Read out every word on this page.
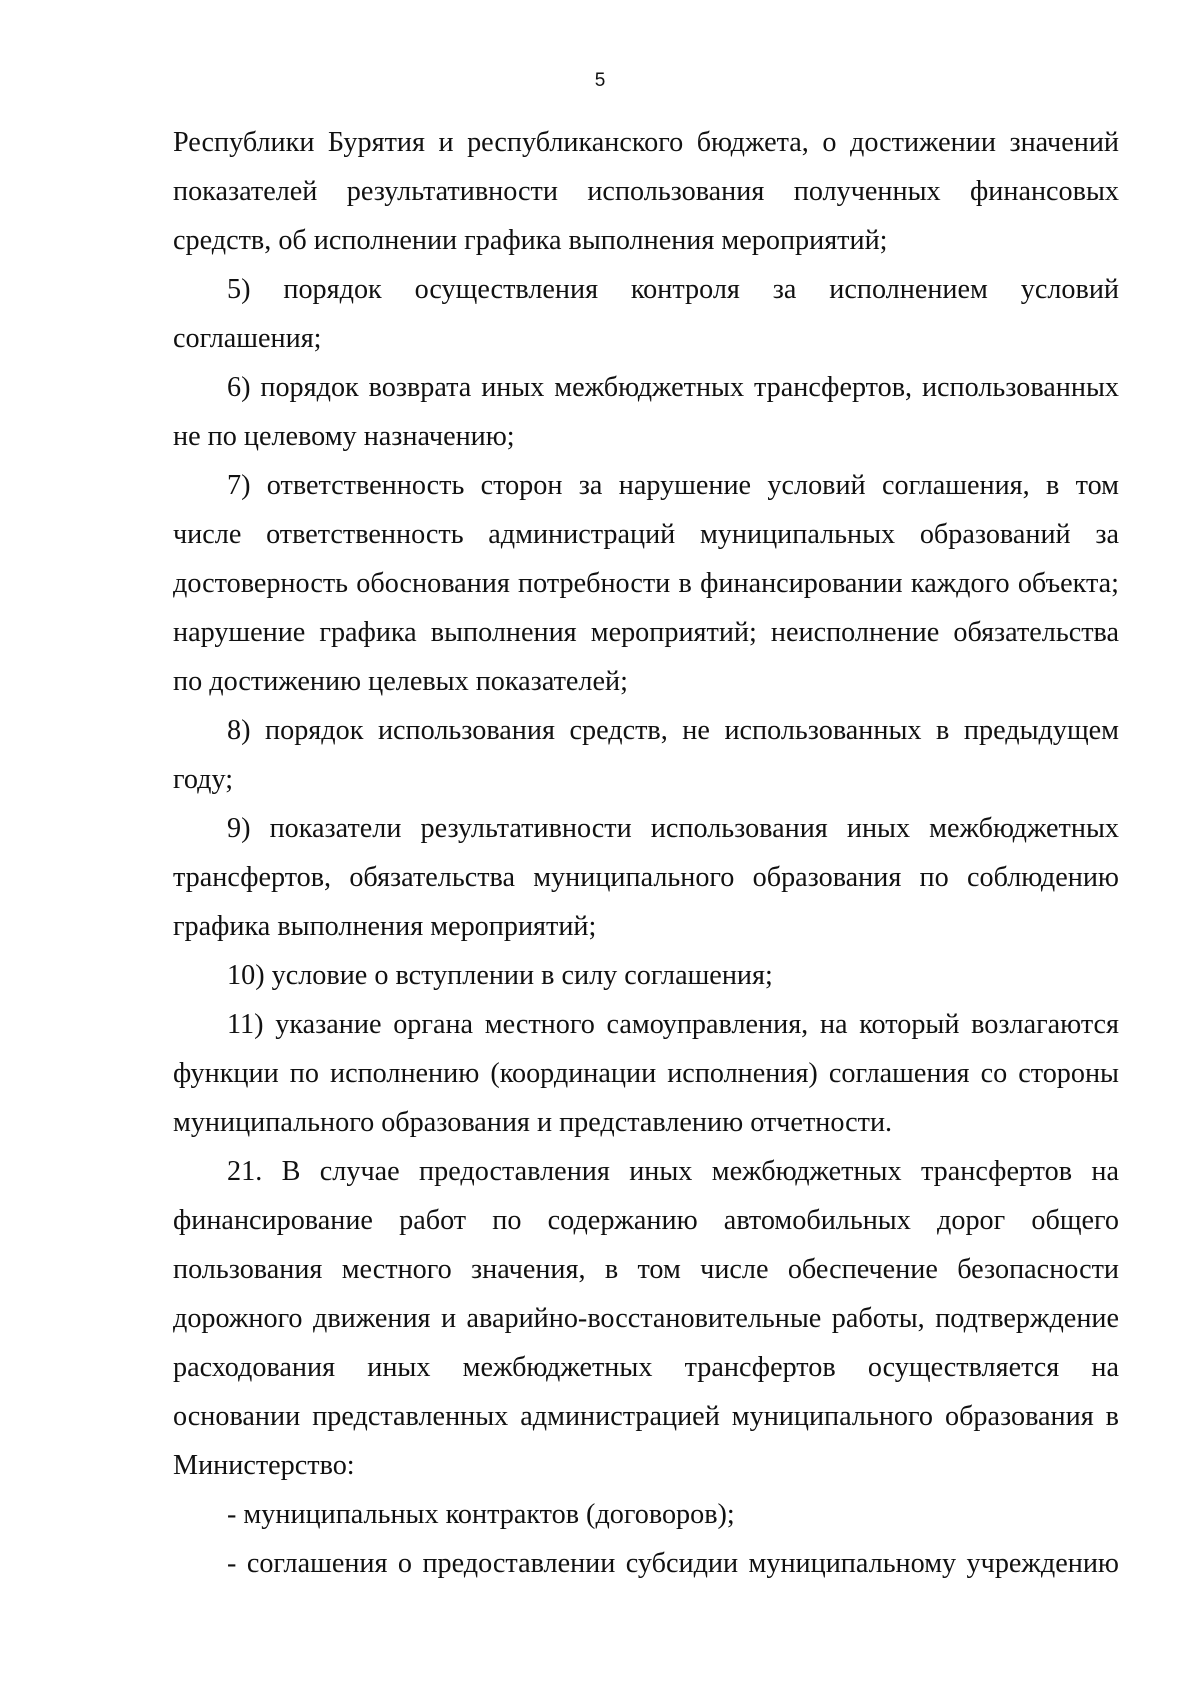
5

Республики Бурятия и республиканского бюджета, о достижении значений показателей результативности использования полученных финансовых средств, об исполнении графика выполнения мероприятий;

5) порядок осуществления контроля за исполнением условий соглашения;

6) порядок возврата иных межбюджетных трансфертов, использованных не по целевому назначению;

7) ответственность сторон за нарушение условий соглашения, в том числе ответственность администраций муниципальных образований за достоверность обоснования потребности в финансировании каждого объекта; нарушение графика выполнения мероприятий; неисполнение обязательства по достижению целевых показателей;

8) порядок использования средств, не использованных в предыдущем году;

9) показатели результативности использования иных межбюджетных трансфертов, обязательства муниципального образования по соблюдению графика выполнения мероприятий;

10) условие о вступлении в силу соглашения;

11) указание органа местного самоуправления, на который возлагаются функции по исполнению (координации исполнения) соглашения со стороны муниципального образования и представлению отчетности.

21. В случае предоставления иных межбюджетных трансфертов на финансирование работ по содержанию автомобильных дорог общего пользования местного значения, в том числе обеспечение безопасности дорожного движения и аварийно-восстановительные работы, подтверждение расходования иных межбюджетных трансфертов осуществляется на основании представленных администрацией муниципального образования в Министерство:

- муниципальных контрактов (договоров);

- соглашения о предоставлении субсидии муниципальному учреждению
